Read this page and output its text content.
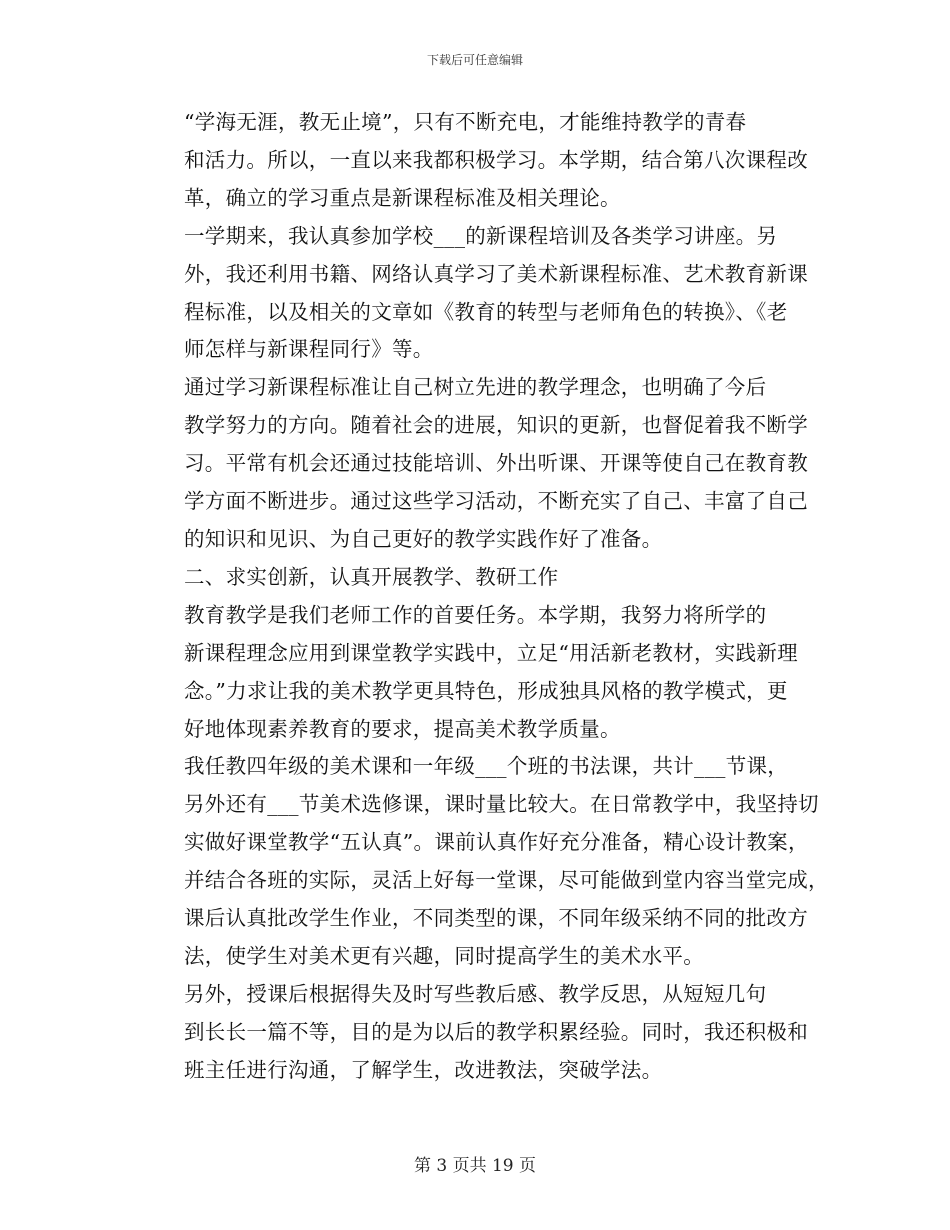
下载后可任意编辑

“学海无涯，教无止境”，只有不断充电，才能维持教学的青春
和活力。所以，一直以来我都积极学习。本学期，结合第八次课程改
革，确立的学习重点是新课程标准及相关理论。

一学期来，我认真参加学校___的新课程培训及各类学习讲座。另
外，我还利用书籍、网络认真学习了美术新课程标准、艺术教育新课
程标准，以及相关的文章如《教育的转型与老师角色的转换》、《老
师怎样与新课程同行》等。

通过学习新课程标准让自己树立先进的教学理念，也明确了今后
教学努力的方向。随着社会的进展，知识的更新，也督促着我不断学
习。平常有机会还通过技能培训、外出听课、开课等使自己在教育教
学方面不断进步。通过这些学习活动，不断充实了自己、丰富了自己
的知识和见识、为自己更好的教学实践作好了准备。

二、求实创新，认真开展教学、教研工作

教育教学是我们老师工作的首要任务。本学期，我努力将所学的
新课程理念应用到课堂教学实践中，立足“用活新老教材，实践新理
念。”力求让我的美术教学更具特色，形成独具风格的教学模式，更
好地体现素养教育的要求，提高美术教学质量。

我任教四年级的美术课和一年级___个班的书法课，共计___节课，
另外还有___节美术选修课，课时量比较大。在日常教学中，我坚持切
实做好课堂教学“五认真”。课前认真作好充分准备，精心设计教案，
并结合各班的实际，灵活上好每一堂课，尽可能做到堂内容当堂完成，
课后认真批改学生作业，不同类型的课，不同年级采纳不同的批改方
法，使学生对美术更有兴趣，同时提高学生的美术水平。

另外，授课后根据得失及时写些教后感、教学反思，从短短几句
到长长一篇不等，目的是为以后的教学积累经验。同时，我还积极和
班主任进行沟通，了解学生，改进教法，突破学法。

第 3 页共 19 页
